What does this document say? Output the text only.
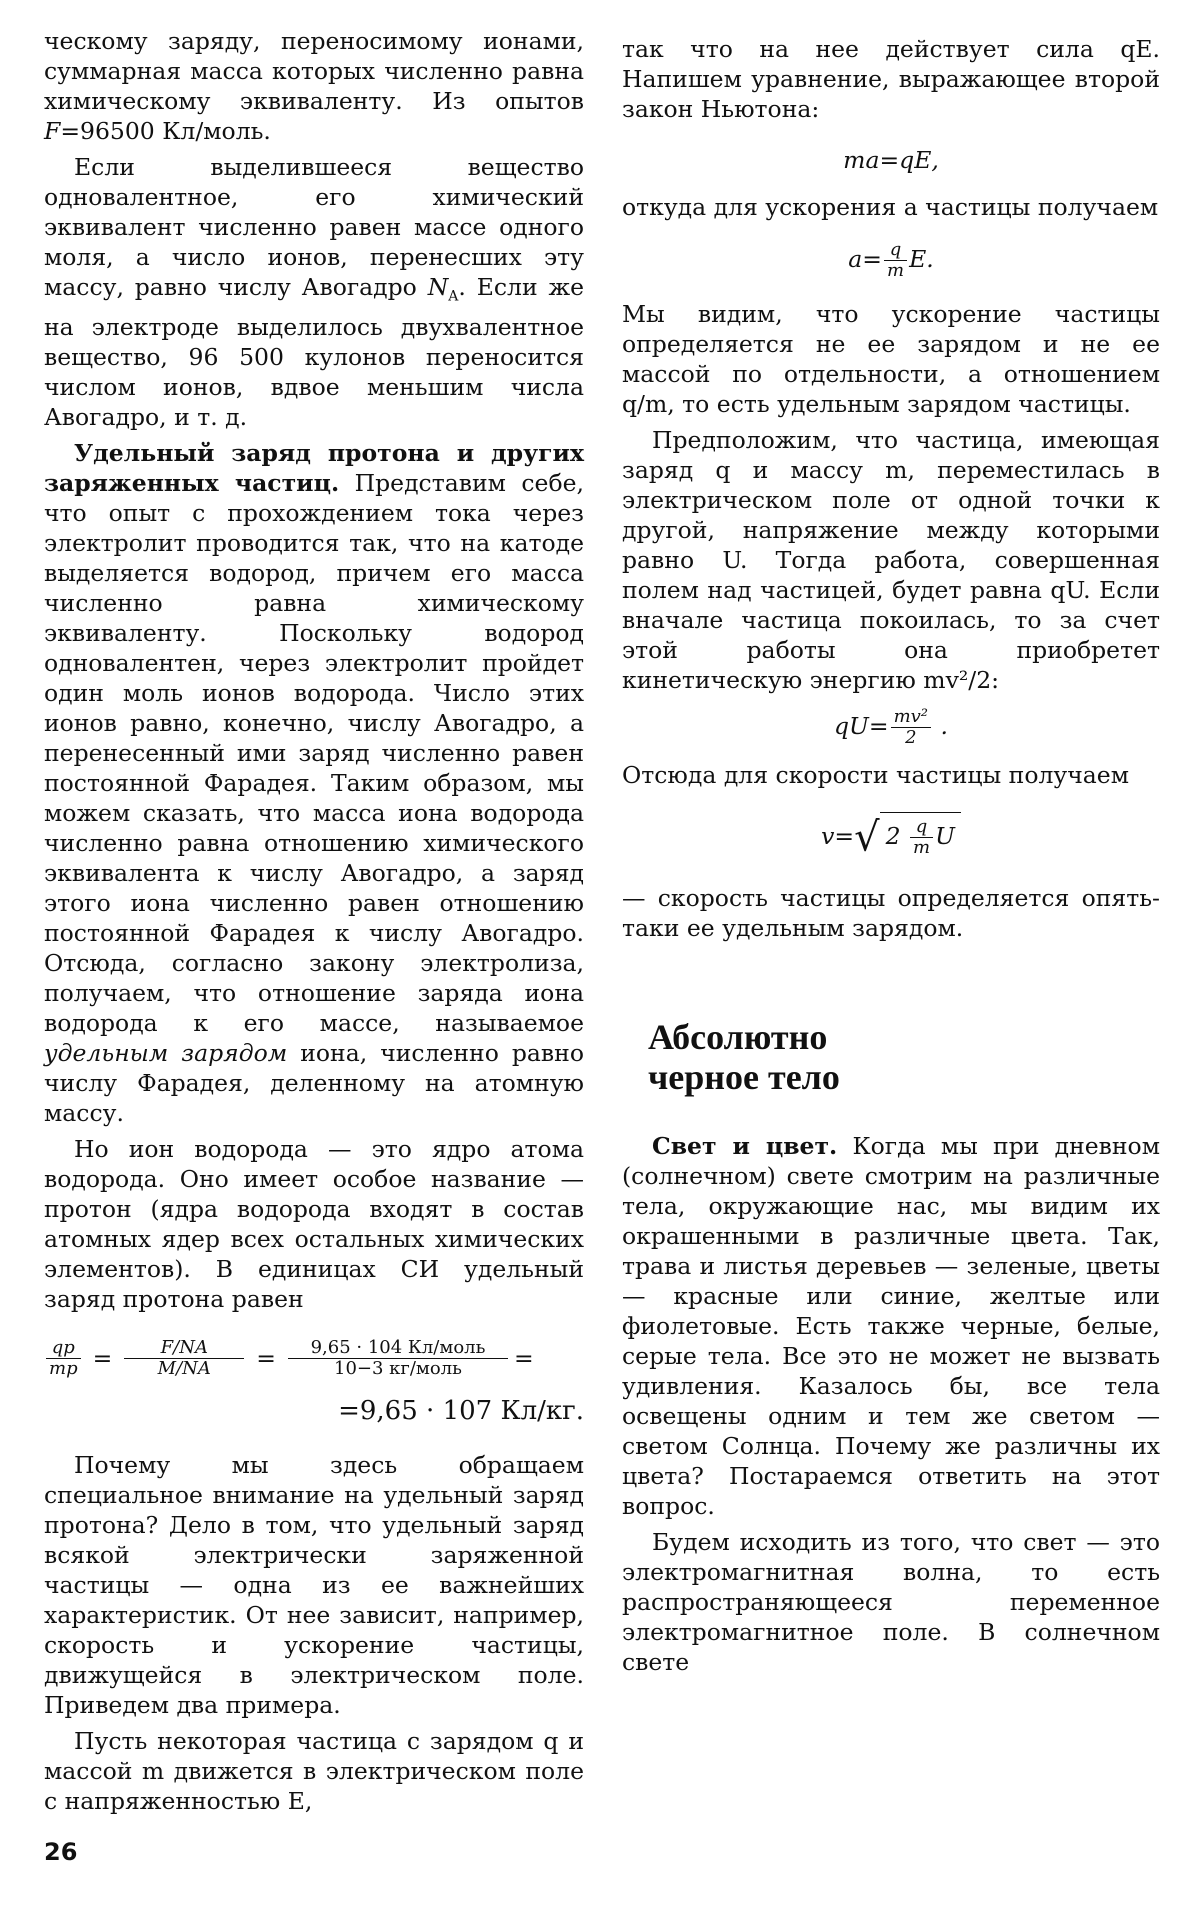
ческому заряду, переносимому ионами, суммарная масса которых численно равна химическому эквиваленту. Из опытов F=96500 Кл/моль.

Если выделившееся вещество одновалентное, его химический эквивалент численно равен массе одного моля, а число ионов, перенесших эту массу, равно числу Авогадро $N_A$. Если же на электроде выделилось двухвалентное вещество, 96 500 кулонов переносится числом ионов, вдвое меньшим числа Авогадро, и т. д.

Удельный заряд протона и других заряженных частиц. Представим себе, что опыт с прохождением тока через электролит проводится так, что на катоде выделяется водород, причем его масса численно равна химическому эквиваленту. Поскольку водород одновалентен, через электролит пройдет один моль ионов водорода. Число этих ионов равно, конечно, числу Авогадро, а перенесенный ими заряд численно равен постоянной Фарадея. Таким образом, мы можем сказать, что масса иона водорода численно равна отношению химического эквивалента к числу Авогадро, а заряд этого иона численно равен отношению постоянной Фарадея к числу Авогадро. Отсюда, согласно закону электролиза, получаем, что отношение заряда иона водорода к его массе, называемое удельным зарядом иона, численно равно числу Фарадея, деленному на атомную массу.

Но ион водорода — это ядро атома водорода. Оно имеет особое название — протон (ядра водорода входят в состав атомных ядер всех остальных химических элементов). В единицах СИ удельный заряд протона равен

$\frac{qp}{mp} = \frac{F/NA}{M/NA} = \frac{\text{9,65 · 104 Кл/моль}}{\text{10−3 кг/моль}}$ =
=9,65 · 107 Кл/кг.

Почему мы здесь обращаем специальное внимание на удельный заряд протона? Дело в том, что удельный заряд всякой электрически заряженной частицы — одна из ее важнейших характеристик. От нее зависит, например, скорость и ускорение частицы, движущейся в электрическом поле. Приведем два примера.

Пусть некоторая частица с зарядом q и массой m движется в электрическом поле с напряженностью E,

так что на нее действует сила qE. Напишем уравнение, выражающее второй закон Ньютона:

ma=qE,

откуда для ускорения a частицы получаем

$a= \frac{q}{m} E$.

Мы видим, что ускорение частицы определяется не ее зарядом и не ее массой по отдельности, а отношением q/m, то есть удельным зарядом частицы.

Предположим, что частица, имеющая заряд q и массу m, переместилась в электрическом поле от одной точки к другой, напряжение между которыми равно U. Тогда работа, совершенная полем над частицей, будет равна qU. Если вначале частица покоилась, то за счет этой работы она приобретет кинетическую энергию mv²/2:

$qU= \frac{\text{mv²}}{2}$ .

Отсюда для скорости частицы получаем

v=√ $2 \frac{q}{m}$ U

— скорость частицы определяется опять-таки ее удельным зарядом.

Абсолютно
черное тело

Свет и цвет. Когда мы при дневном (солнечном) свете смотрим на различные тела, окружающие нас, мы видим их окрашенными в различные цвета. Так, трава и листья деревьев — зеленые, цветы — красные или синие, желтые или фиолетовые. Есть также черные, белые, серые тела. Все это не может не вызвать удивления. Казалось бы, все тела освещены одним и тем же светом — светом Солнца. Почему же различны их цвета? Постараемся ответить на этот вопрос.

Будем исходить из того, что свет — это электромагнитная волна, то есть распространяющееся переменное электромагнитное поле. В солнечном свете

26
